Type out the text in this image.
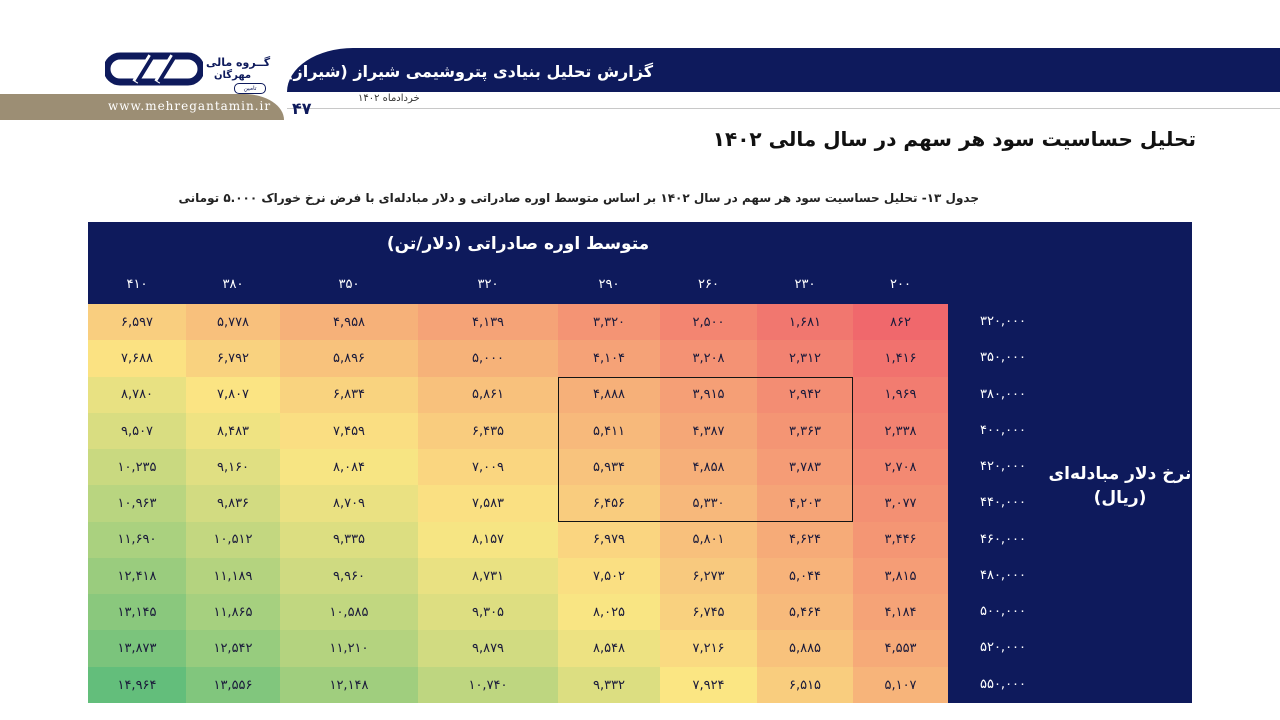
گزارش تحلیل بنیادی پتروشیمی شیراز (شیراز)
خردادماه ۱۴۰۲
۴۷
www.mehregantamin.ir
گــروه مالی
مهرگان
تامین
تحلیل حساسیت سود هر سهم در سال مالی ۱۴۰۲
جدول ۱۳- تحلیل حساسیت سود هر سهم در سال ۱۴۰۲ بر اساس متوسط اوره صادراتی و دلار مبادله‌ای با فرض نرخ خوراک ۵.۰۰۰ تومانی
متوسط اوره صادراتی (دلار/تن)
نرخ دلار مبادله‌ای
(ریال)
۲۰۰
۲۳۰
۲۶۰
۲۹۰
۳۲۰
۳۵۰
۳۸۰
۴۱۰
۳۲۰,۰۰۰
۸۶۲
۱,۶۸۱
۲,۵۰۰
۳,۳۲۰
۴,۱۳۹
۴,۹۵۸
۵,۷۷۸
۶,۵۹۷
۳۵۰,۰۰۰
۱,۴۱۶
۲,۳۱۲
۳,۲۰۸
۴,۱۰۴
۵,۰۰۰
۵,۸۹۶
۶,۷۹۲
۷,۶۸۸
۳۸۰,۰۰۰
۱,۹۶۹
۲,۹۴۲
۳,۹۱۵
۴,۸۸۸
۵,۸۶۱
۶,۸۳۴
۷,۸۰۷
۸,۷۸۰
۴۰۰,۰۰۰
۲,۳۳۸
۳,۳۶۳
۴,۳۸۷
۵,۴۱۱
۶,۴۳۵
۷,۴۵۹
۸,۴۸۳
۹,۵۰۷
۴۲۰,۰۰۰
۲,۷۰۸
۳,۷۸۳
۴,۸۵۸
۵,۹۳۴
۷,۰۰۹
۸,۰۸۴
۹,۱۶۰
۱۰,۲۳۵
۴۴۰,۰۰۰
۳,۰۷۷
۴,۲۰۳
۵,۳۳۰
۶,۴۵۶
۷,۵۸۳
۸,۷۰۹
۹,۸۳۶
۱۰,۹۶۳
۴۶۰,۰۰۰
۳,۴۴۶
۴,۶۲۴
۵,۸۰۱
۶,۹۷۹
۸,۱۵۷
۹,۳۳۵
۱۰,۵۱۲
۱۱,۶۹۰
۴۸۰,۰۰۰
۳,۸۱۵
۵,۰۴۴
۶,۲۷۳
۷,۵۰۲
۸,۷۳۱
۹,۹۶۰
۱۱,۱۸۹
۱۲,۴۱۸
۵۰۰,۰۰۰
۴,۱۸۴
۵,۴۶۴
۶,۷۴۵
۸,۰۲۵
۹,۳۰۵
۱۰,۵۸۵
۱۱,۸۶۵
۱۳,۱۴۵
۵۲۰,۰۰۰
۴,۵۵۳
۵,۸۸۵
۷,۲۱۶
۸,۵۴۸
۹,۸۷۹
۱۱,۲۱۰
۱۲,۵۴۲
۱۳,۸۷۳
۵۵۰,۰۰۰
۵,۱۰۷
۶,۵۱۵
۷,۹۲۴
۹,۳۳۲
۱۰,۷۴۰
۱۲,۱۴۸
۱۳,۵۵۶
۱۴,۹۶۴
